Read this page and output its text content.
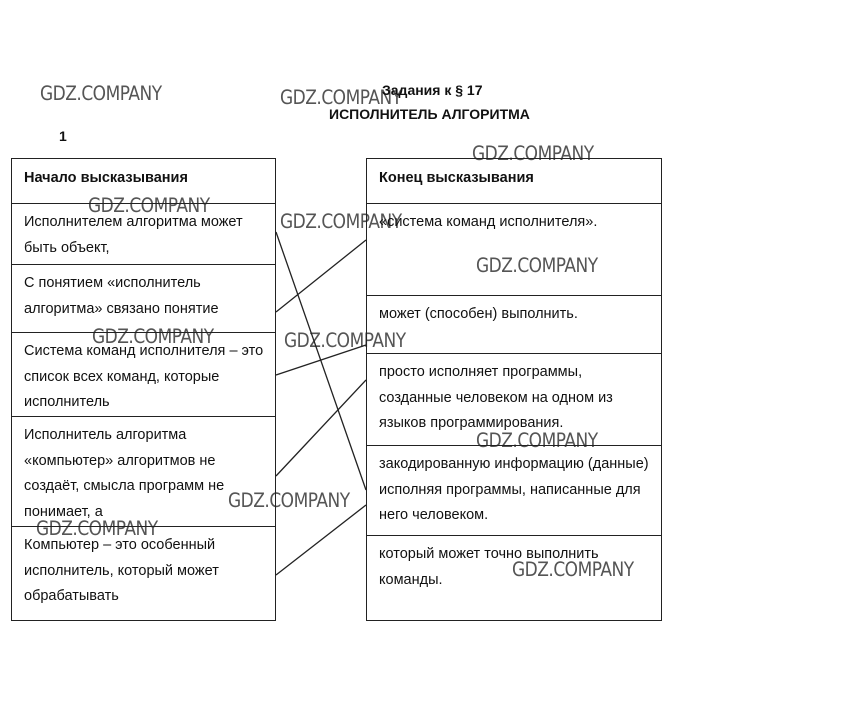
GDZ.COMPANY	GDZ.COMPANY
GDZ.COMPANY
GDZ.COMPANY
GDZ.COMPANY
GDZ.COMPANY
GDZ.COMPANY	GDZ.COMPANY
GDZ.COMPANY
GDZ.COMPANY
GDZ.COMPANY
GDZ.COMPANY
Задания к § 17
ИСПОЛНИТЕЛЬ АЛГОРИТМА
1
Начало высказывания
Исполнителем алгоритма может быть объект,
С понятием «исполнитель алгоритма» связано понятие
Система команд исполнителя – это список всех команд, которые исполнитель
Исполнитель алгоритма «компьютер» алгоритмов не создаёт, смысла программ не понимает, а
Компьютер – это особенный исполнитель, который может обрабатывать
Конец высказывания
«система команд исполнителя».
может (способен) выполнить.
просто исполняет программы, созданные человеком на одном из языков программирования.
закодированную информацию (данные) исполняя программы, написанные для него человеком.
который может точно выполнить команды.
